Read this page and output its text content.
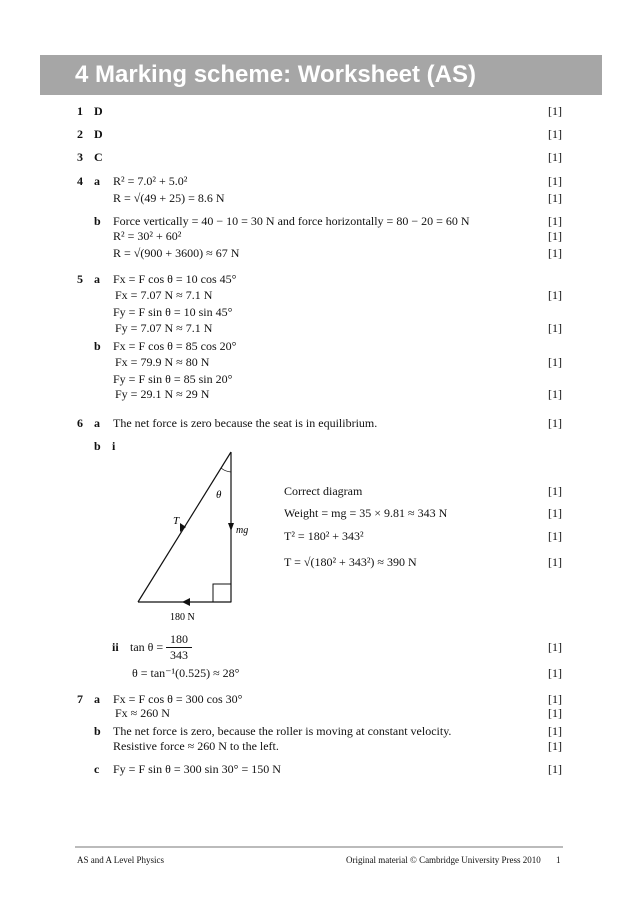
4 Marking scheme: Worksheet (AS)
1 D	[1]
2 D	[1]
3 C	[1]
4 a R² = 7.0² + 5.0²	[1]
R = √(49 + 25) = 8.6 N	[1]
b Force vertically = 40 − 10 = 30 N and force horizontally = 80 − 20 = 60 N	[1]
R² = 30² + 60²	[1]
R = √(900 + 3600) ≈ 67 N	[1]
5 a Fx = F cos θ = 10 cos 45°
Fx = 7.07 N ≈ 7.1 N	[1]
Fy = F sin θ = 10 sin 45°
Fy = 7.07 N ≈ 7.1 N	[1]
b Fx = F cos θ = 85 cos 20°
Fx = 79.9 N ≈ 80 N	[1]
Fy = F sin θ = 85 sin 20°
Fy = 29.1 N ≈ 29 N	[1]
6 a The net force is zero because the seat is in equilibrium.	[1]
b i
θ
T
mg
180 N
Correct diagram	[1]
Weight = mg = 35 × 9.81 ≈ 343 N	[1]
T² = 180² + 343²	[1]
T = √(180² + 343²) ≈ 390 N	[1]
ii tan θ =
180
343
[1]
θ = tan⁻¹(0.525) ≈ 28°	[1]
7 a Fx = F cos θ = 300 cos 30°	[1]
Fx ≈ 260 N	[1]
b The net force is zero, because the roller is moving at constant velocity.	[1]
Resistive force ≈ 260 N to the left.	[1]
c Fy = F sin θ = 300 sin 30° = 150 N	[1]
AS and A Level Physics	Original material © Cambridge University Press 2010 1
